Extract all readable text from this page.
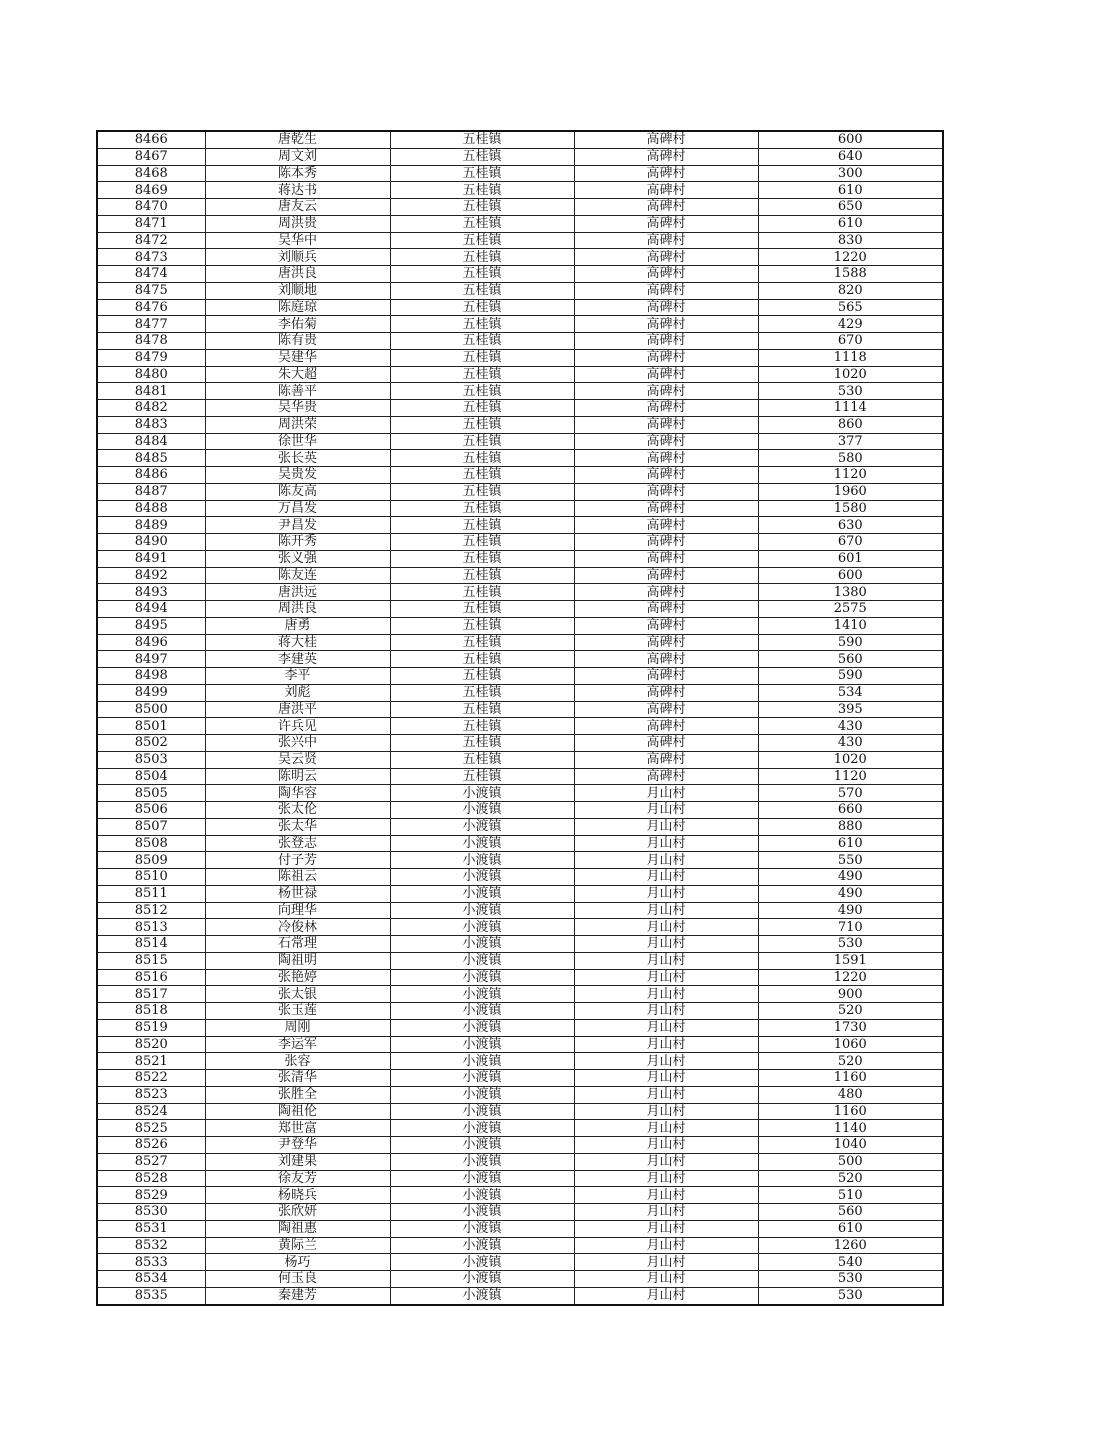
8466	唐乾生	五桂镇	高碑村	600
8467	周文刘	五桂镇	高碑村	640
8468	陈本秀	五桂镇	高碑村	300
8469	蒋达书	五桂镇	高碑村	610
8470	唐友云	五桂镇	高碑村	650
8471	周洪贵	五桂镇	高碑村	610
8472	吴华中	五桂镇	高碑村	830
8473	刘顺兵	五桂镇	高碑村	1220
8474	唐洪良	五桂镇	高碑村	1588
8475	刘顺地	五桂镇	高碑村	820
8476	陈庭琼	五桂镇	高碑村	565
8477	李佑菊	五桂镇	高碑村	429
8478	陈有贵	五桂镇	高碑村	670
8479	吴建华	五桂镇	高碑村	1118
8480	朱大超	五桂镇	高碑村	1020
8481	陈善平	五桂镇	高碑村	530
8482	吴华贵	五桂镇	高碑村	1114
8483	周洪荣	五桂镇	高碑村	860
8484	徐世华	五桂镇	高碑村	377
8485	张长英	五桂镇	高碑村	580
8486	吴贵发	五桂镇	高碑村	1120
8487	陈友高	五桂镇	高碑村	1960
8488	万昌发	五桂镇	高碑村	1580
8489	尹昌发	五桂镇	高碑村	630
8490	陈开秀	五桂镇	高碑村	670
8491	张义强	五桂镇	高碑村	601
8492	陈友连	五桂镇	高碑村	600
8493	唐洪远	五桂镇	高碑村	1380
8494	周洪良	五桂镇	高碑村	2575
8495	唐勇	五桂镇	高碑村	1410
8496	蒋大桂	五桂镇	高碑村	590
8497	李建英	五桂镇	高碑村	560
8498	李平	五桂镇	高碑村	590
8499	刘彪	五桂镇	高碑村	534
8500	唐洪平	五桂镇	高碑村	395
8501	许兵见	五桂镇	高碑村	430
8502	张兴中	五桂镇	高碑村	430
8503	吴云贤	五桂镇	高碑村	1020
8504	陈明云	五桂镇	高碑村	1120
8505	陶华容	小渡镇	月山村	570
8506	张太伦	小渡镇	月山村	660
8507	张太华	小渡镇	月山村	880
8508	张登志	小渡镇	月山村	610
8509	付子芳	小渡镇	月山村	550
8510	陈祖云	小渡镇	月山村	490
8511	杨世禄	小渡镇	月山村	490
8512	向理华	小渡镇	月山村	490
8513	冷俊林	小渡镇	月山村	710
8514	石常理	小渡镇	月山村	530
8515	陶祖明	小渡镇	月山村	1591
8516	张艳婷	小渡镇	月山村	1220
8517	张太银	小渡镇	月山村	900
8518	张玉莲	小渡镇	月山村	520
8519	周刚	小渡镇	月山村	1730
8520	李运军	小渡镇	月山村	1060
8521	张容	小渡镇	月山村	520
8522	张清华	小渡镇	月山村	1160
8523	张胜全	小渡镇	月山村	480
8524	陶祖伦	小渡镇	月山村	1160
8525	郑世富	小渡镇	月山村	1140
8526	尹登华	小渡镇	月山村	1040
8527	刘建果	小渡镇	月山村	500
8528	徐友芳	小渡镇	月山村	520
8529	杨晓兵	小渡镇	月山村	510
8530	张欣妍	小渡镇	月山村	560
8531	陶祖惠	小渡镇	月山村	610
8532	黄际兰	小渡镇	月山村	1260
8533	杨巧	小渡镇	月山村	540
8534	何玉良	小渡镇	月山村	530
8535	秦建芳	小渡镇	月山村	530
